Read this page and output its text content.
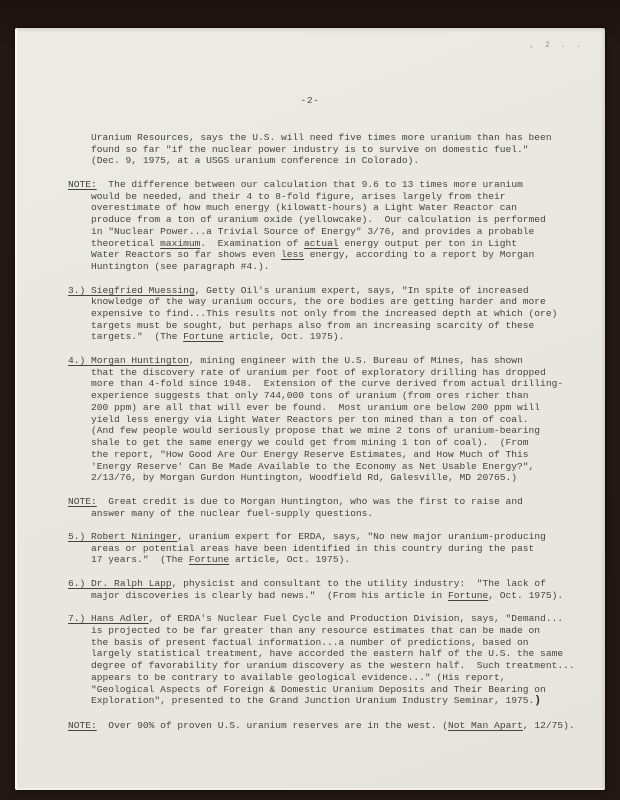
, 2 . .
-2-
Uranium Resources, says the U.S. will need five times more uranium than has been
found so far "if the nuclear power industry is to survive on domestic fuel."
(Dec. 9, 1975, at a USGS uranium conference in Colorado).
NOTE:  The difference between our calculation that 9.6 to 13 times more uranium
would be needed, and their 4 to 8-fold figure, arises largely from their
overestimate of how much energy (kilowatt-hours) a Light Water Reactor can
produce from a ton of uranium oxide (yellowcake).  Our calculation is performed
in "Nuclear Power...a Trivial Source of Energy" 3/76, and provides a probable
theoretical maximum.  Examination of actual energy output per ton in Light
Water Reactors so far shows even less energy, according to a report by Morgan
Huntington (see paragraph #4.).
3.) Siegfried Muessing, Getty Oil's uranium expert, says, "In spite of increased
knowledge of the way uranium occurs, the ore bodies are getting harder and more
expensive to find...This results not only from the increased depth at which (ore)
targets must be sought, but perhaps also from an increasing scarcity of these
targets."  (The Fortune article, Oct. 1975).
4.) Morgan Huntington, mining engineer with the U.S. Bureau of Mines, has shown
that the discovery rate of uranium per foot of exploratory drilling has dropped
more than 4-fold since 1948.  Extension of the curve derived from actual drilling-
experience suggests that only 744,000 tons of uranium (from ores richer than
200 ppm) are all that will ever be found.  Most uranium ore below 200 ppm will
yield less energy via Light Water Reactors per ton mined than a ton of coal.
(And few people would seriously propose that we mine 2 tons of uranium-bearing
shale to get the same energy we could get from mining 1 ton of coal).  (From
the report, "How Good Are Our Energy Reserve Estimates, and How Much of This
'Energy Reserve' Can Be Made Available to the Economy as Net Usable Energy?",
2/13/76, by Morgan Gurdon Huntington, Woodfield Rd, Galesville, MD 20765.)
NOTE:  Great credit is due to Morgan Huntington, who was the first to raise and
answer many of the nuclear fuel-supply questions.
5.) Robert Nininger, uranium expert for ERDA, says, "No new major uranium-producing
areas or potential areas have been identified in this country during the past
17 years."  (The Fortune article, Oct. 1975).
6.) Dr. Ralph Lapp, physicist and consultant to the utility industry:  "The lack of
major discoveries is clearly bad news."  (From his article in Fortune, Oct. 1975).
7.) Hans Adler, of ERDA's Nuclear Fuel Cycle and Production Division, says, "Demand...
is projected to be far greater than any resource estimates that can be made on
the basis of present factual information...a number of predictions, based on
largely statistical treatment, have accorded the eastern half of the U.S. the same
degree of favorability for uranium discovery as the western half.  Such treatment...
appears to be contrary to available geological evidence..." (His report,
"Geological Aspects of Foreign & Domestic Uranium Deposits and Their Bearing on
Exploration", presented to the Grand Junction Uranium Industry Seminar, 1975.)
NOTE:  Over 90% of proven U.S. uranium reserves are in the west. (Not Man Apart, 12/75).
